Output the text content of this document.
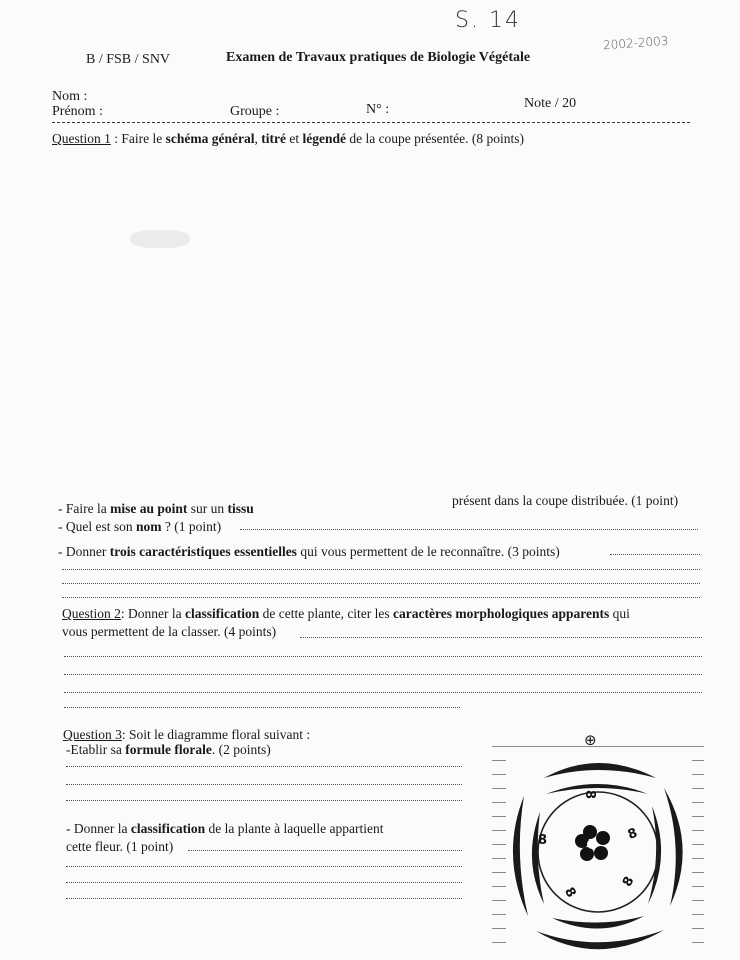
S. 14
2002-2003
B / FSB / SNV	Examen de Travaux pratiques de Biologie Végétale
Nom :
Prénom :	Groupe :	N° :	Note / 20
Question 1 : Faire le schéma général, titré et légendé de la coupe présentée. (8 points)
- Faire la mise au point sur un tissu
présent dans la coupe distribuée. (1 point)
- Quel est son nom ? (1 point)
- Donner trois caractéristiques essentielles qui vous permettent de le reconnaître. (3 points)
Question 2: Donner la classification de cette plante, citer les caractères morphologiques apparents qui
vous permettent de la classer. (4 points)
Question 3: Soit le diagramme floral suivant :
-Etablir sa formule florale. (2 points)
- Donner la classification de la plante à laquelle appartient
cette fleur. (1 point)
⊕
8
8	8
8
8
